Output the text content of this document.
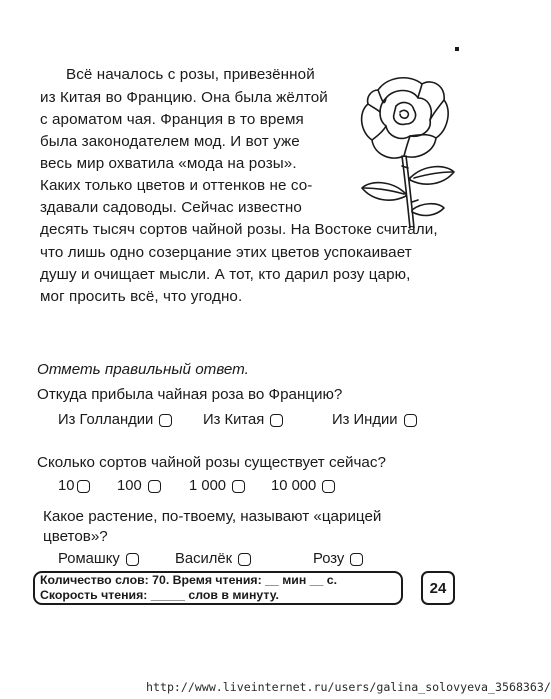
Всё началось с розы, привезённой
из Китая во Францию. Она была жёлтой
с ароматом чая. Франция в то время
была законодателем мод. И вот уже
весь мир охватила «мода на розы».
Каких только цветов и оттенков не со-
здавали садоводы. Сейчас известно
десять тысяч сортов чайной розы. На Востоке считали,
что лишь одно созерцание этих цветов успокаивает
душу и очищает мысли. А тот, кто дарил розу царю,
мог просить всё, что угодно.
Отметь правильный ответ.
Откуда прибыла чайная роза во Францию?
Из Голландии	Из Китая	Из Индии
Сколько сортов чайной розы существует сейчас?
10	100	1 000	10 000
Какое растение, по-твоему, называют «царицей
цветов»?
Ромашку	Василёк	Розу
Количество слов: 70. Время чтения: __ мин __ с.
Скорость чтения: _____ слов в минуту.	24
http://www.liveinternet.ru/users/galina_solovyeva_3568363/
